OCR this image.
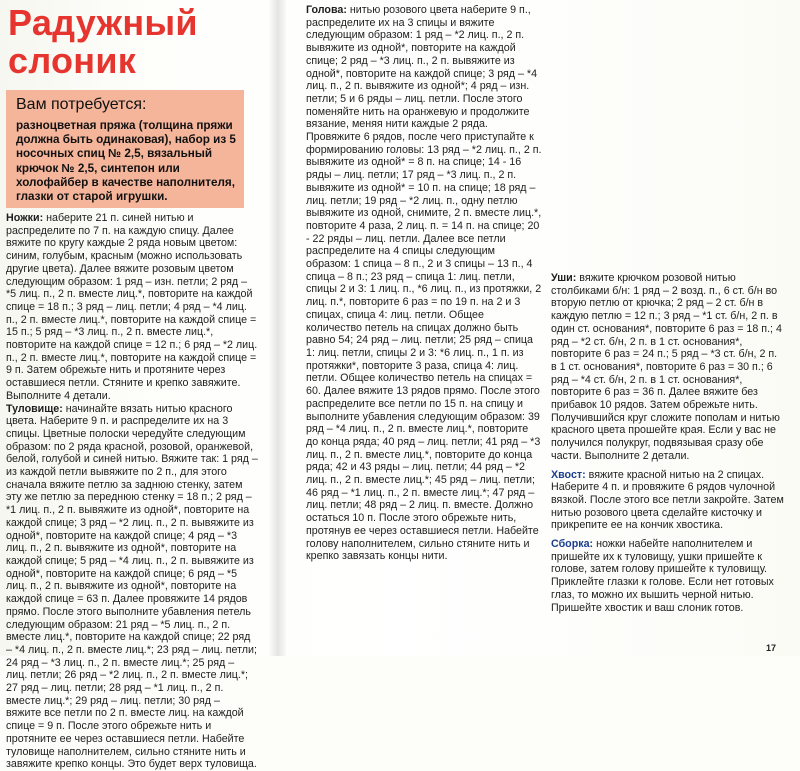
Радужный
слоник

Вам потребуется:

разноцветная пряжа (толщина пряжи должна быть одинаковая), набор из 5 носочных спиц № 2,5, вязальный крючок № 2,5, синтепон или холофайбер в качестве наполнителя, глазки от старой игрушки.

Ножки: наберите 21 п. синей нитью и распределите по 7 п. на каждую спицу. Далее вяжите по кругу каждые 2 ряда новым цветом: синим, голубым, красным (можно использовать другие цвета). Далее вяжите розовым цветом следующим образом: 1 ряд – изн. петли; 2 ряд – *5 лиц. п., 2 п. вместе лиц.*, повторите на каждой спице = 18 п.; 3 ряд – лиц. петли; 4 ряд – *4 лиц. п., 2 п. вместе лиц.*, повторите на каждой спице = 15 п.; 5 ряд – *3 лиц. п., 2 п. вместе лиц.*, повторите на каждой спице = 12 п.; 6 ряд – *2 лиц. п., 2 п. вместе лиц.*, повторите на каждой спице = 9 п. Затем обрежьте нить и протяните через оставшиеся петли. Стяните и крепко завяжите. Выполните 4 детали.

Туловище: начинайте вязать нитью красного цвета. Наберите 9 п. и распределите их на 3 спицы. Цветные полоски чередуйте следующим образом: по 2 ряда красной, розовой, оранжевой, белой, голубой и синей нитью. Вяжите так: 1 ряд – из каждой петли вывяжите по 2 п., для этого сначала вяжите петлю за заднюю стенку, затем эту же петлю за переднюю стенку = 18 п.; 2 ряд – *1 лиц. п., 2 п. вывяжите из одной*, повторите на каждой спице; 3 ряд – *2 лиц. п., 2 п. вывяжите из одной*, повторите на каждой спице; 4 ряд – *3 лиц. п., 2 п. вывяжите из одной*, повторите на каждой спице; 5 ряд – *4 лиц. п., 2 п. вывяжите из одной*, повторите на каждой спице; 6 ряд – *5 лиц. п., 2 п. вывяжите из одной*, повторите на каждой спице = 63 п. Далее провяжите 14 рядов прямо. После этого выполните убавления петель следующим образом: 21 ряд – *5 лиц. п., 2 п. вместе лиц.*, повторите на каждой спице; 22 ряд – *4 лиц. п., 2 п. вместе лиц.*; 23 ряд – лиц. петли; 24 ряд – *3 лиц. п., 2 п. вместе лиц.*; 25 ряд – лиц. петли; 26 ряд – *2 лиц. п., 2 п. вместе лиц.*; 27 ряд – лиц. петли; 28 ряд – *1 лиц. п., 2 п. вместе лиц.*; 29 ряд – лиц. петли; 30 ряд – вяжите все петли по 2 п. вместе лиц. на каждой спице = 9 п. После этого обрежьте нить и протяните ее через оставшиеся петли. Набейте туловище наполнителем, сильно стяните нить и завяжите крепко концы. Это будет верх туловища.

Голова: нитью розового цвета наберите 9 п., распределите их на 3 спицы и вяжите следующим образом: 1 ряд – *2 лиц. п., 2 п. вывяжите из одной*, повторите на каждой спице; 2 ряд – *3 лиц. п., 2 п. вывяжите из одной*, повторите на каждой спице; 3 ряд – *4 лиц. п., 2 п. вывяжите из одной*; 4 ряд – изн. петли; 5 и 6 ряды – лиц. петли. После этого поменяйте нить на оранжевую и продолжите вязание, меняя нити каждые 2 ряда. Провяжите 6 рядов, после чего приступайте к формированию головы: 13 ряд – *2 лиц. п., 2 п. вывяжите из одной* = 8 п. на спице; 14 - 16 ряды – лиц. петли; 17 ряд – *3 лиц. п., 2 п. вывяжите из одной* = 10 п. на спице; 18 ряд – лиц. петли; 19 ряд – *2 лиц. п., одну петлю вывяжите из одной, снимите, 2 п. вместе лиц.*, повторите 4 раза, 2 лиц. п. = 14 п. на спице; 20 - 22 ряды – лиц. петли. Далее все петли распределите на 4 спицы следующим образом: 1 спица – 8 п., 2 и 3 спицы – 13 п., 4 спица – 8 п.; 23 ряд – спица 1: лиц. петли, спицы 2 и 3: 1 лиц. п., *6 лиц. п., из протяжки, 2 лиц. п.*, повторите 6 раз = по 19 п. на 2 и 3 спицах, спица 4: лиц. петли. Общее количество петель на спицах должно быть равно 54; 24 ряд – лиц. петли; 25 ряд – спица 1: лиц. петли, спицы 2 и 3: *6 лиц. п., 1 п. из протяжки*, повторите 3 раза, спица 4: лиц. петли. Общее количество петель на спицах = 60. Далее вяжите 13 рядов прямо. После этого распределите все петли по 15 п. на спицу и выполните убавления следующим образом: 39 ряд – *4 лиц. п., 2 п. вместе лиц.*, повторите до конца ряда; 40 ряд – лиц. петли; 41 ряд – *3 лиц. п., 2 п. вместе лиц.*, повторите до конца ряда; 42 и 43 ряды – лиц. петли; 44 ряд – *2 лиц. п., 2 п. вместе лиц.*; 45 ряд – лиц. петли; 46 ряд – *1 лиц. п., 2 п. вместе лиц.*; 47 ряд – лиц. петли; 48 ряд – 2 лиц. п. вместе. Должно остаться 10 п. После этого обрежьте нить, протянув ее через оставшиеся петли. Набейте голову наполнителем, сильно стяните нить и крепко завязать концы нити.

Уши: вяжите крючком розовой нитью столбиками б/н: 1 ряд – 2 возд. п., 6 ст. б/н во вторую петлю от крючка; 2 ряд – 2 ст. б/н в каждую петлю = 12 п.; 3 ряд – *1 ст. б/н, 2 п. в один ст. основания*, повторите 6 раз = 18 п.; 4 ряд – *2 ст. б/н, 2 п. в 1 ст. основания*, повторите 6 раз = 24 п.; 5 ряд – *3 ст. б/н, 2 п. в 1 ст. основания*, повторите 6 раз = 30 п.; 6 ряд – *4 ст. б/н, 2 п. в 1 ст. основания*, повторите 6 раз = 36 п. Далее вяжите без прибавок 10 рядов. Затем обрежьте нить. Получившийся круг сложите пополам и нитью красного цвета прошейте края. Если у вас не получился полукруг, подвязывая сразу обе части. Выполните 2 детали.

Хвост: вяжите красной нитью на 2 спицах. Наберите 4 п. и провяжите 6 рядов чулочной вязкой. После этого все петли закройте. Затем нитью розового цвета сделайте кисточку и прикрепите ее на кончик хвостика.

Сборка: ножки набейте наполнителем и пришейте их к туловищу, ушки пришейте к голове, затем голову пришейте к туловищу. Приклейте глазки к голове. Если нет готовых глаз, то можно их вышить черной нитью. Пришейте хвостик и ваш слоник готов.

17
